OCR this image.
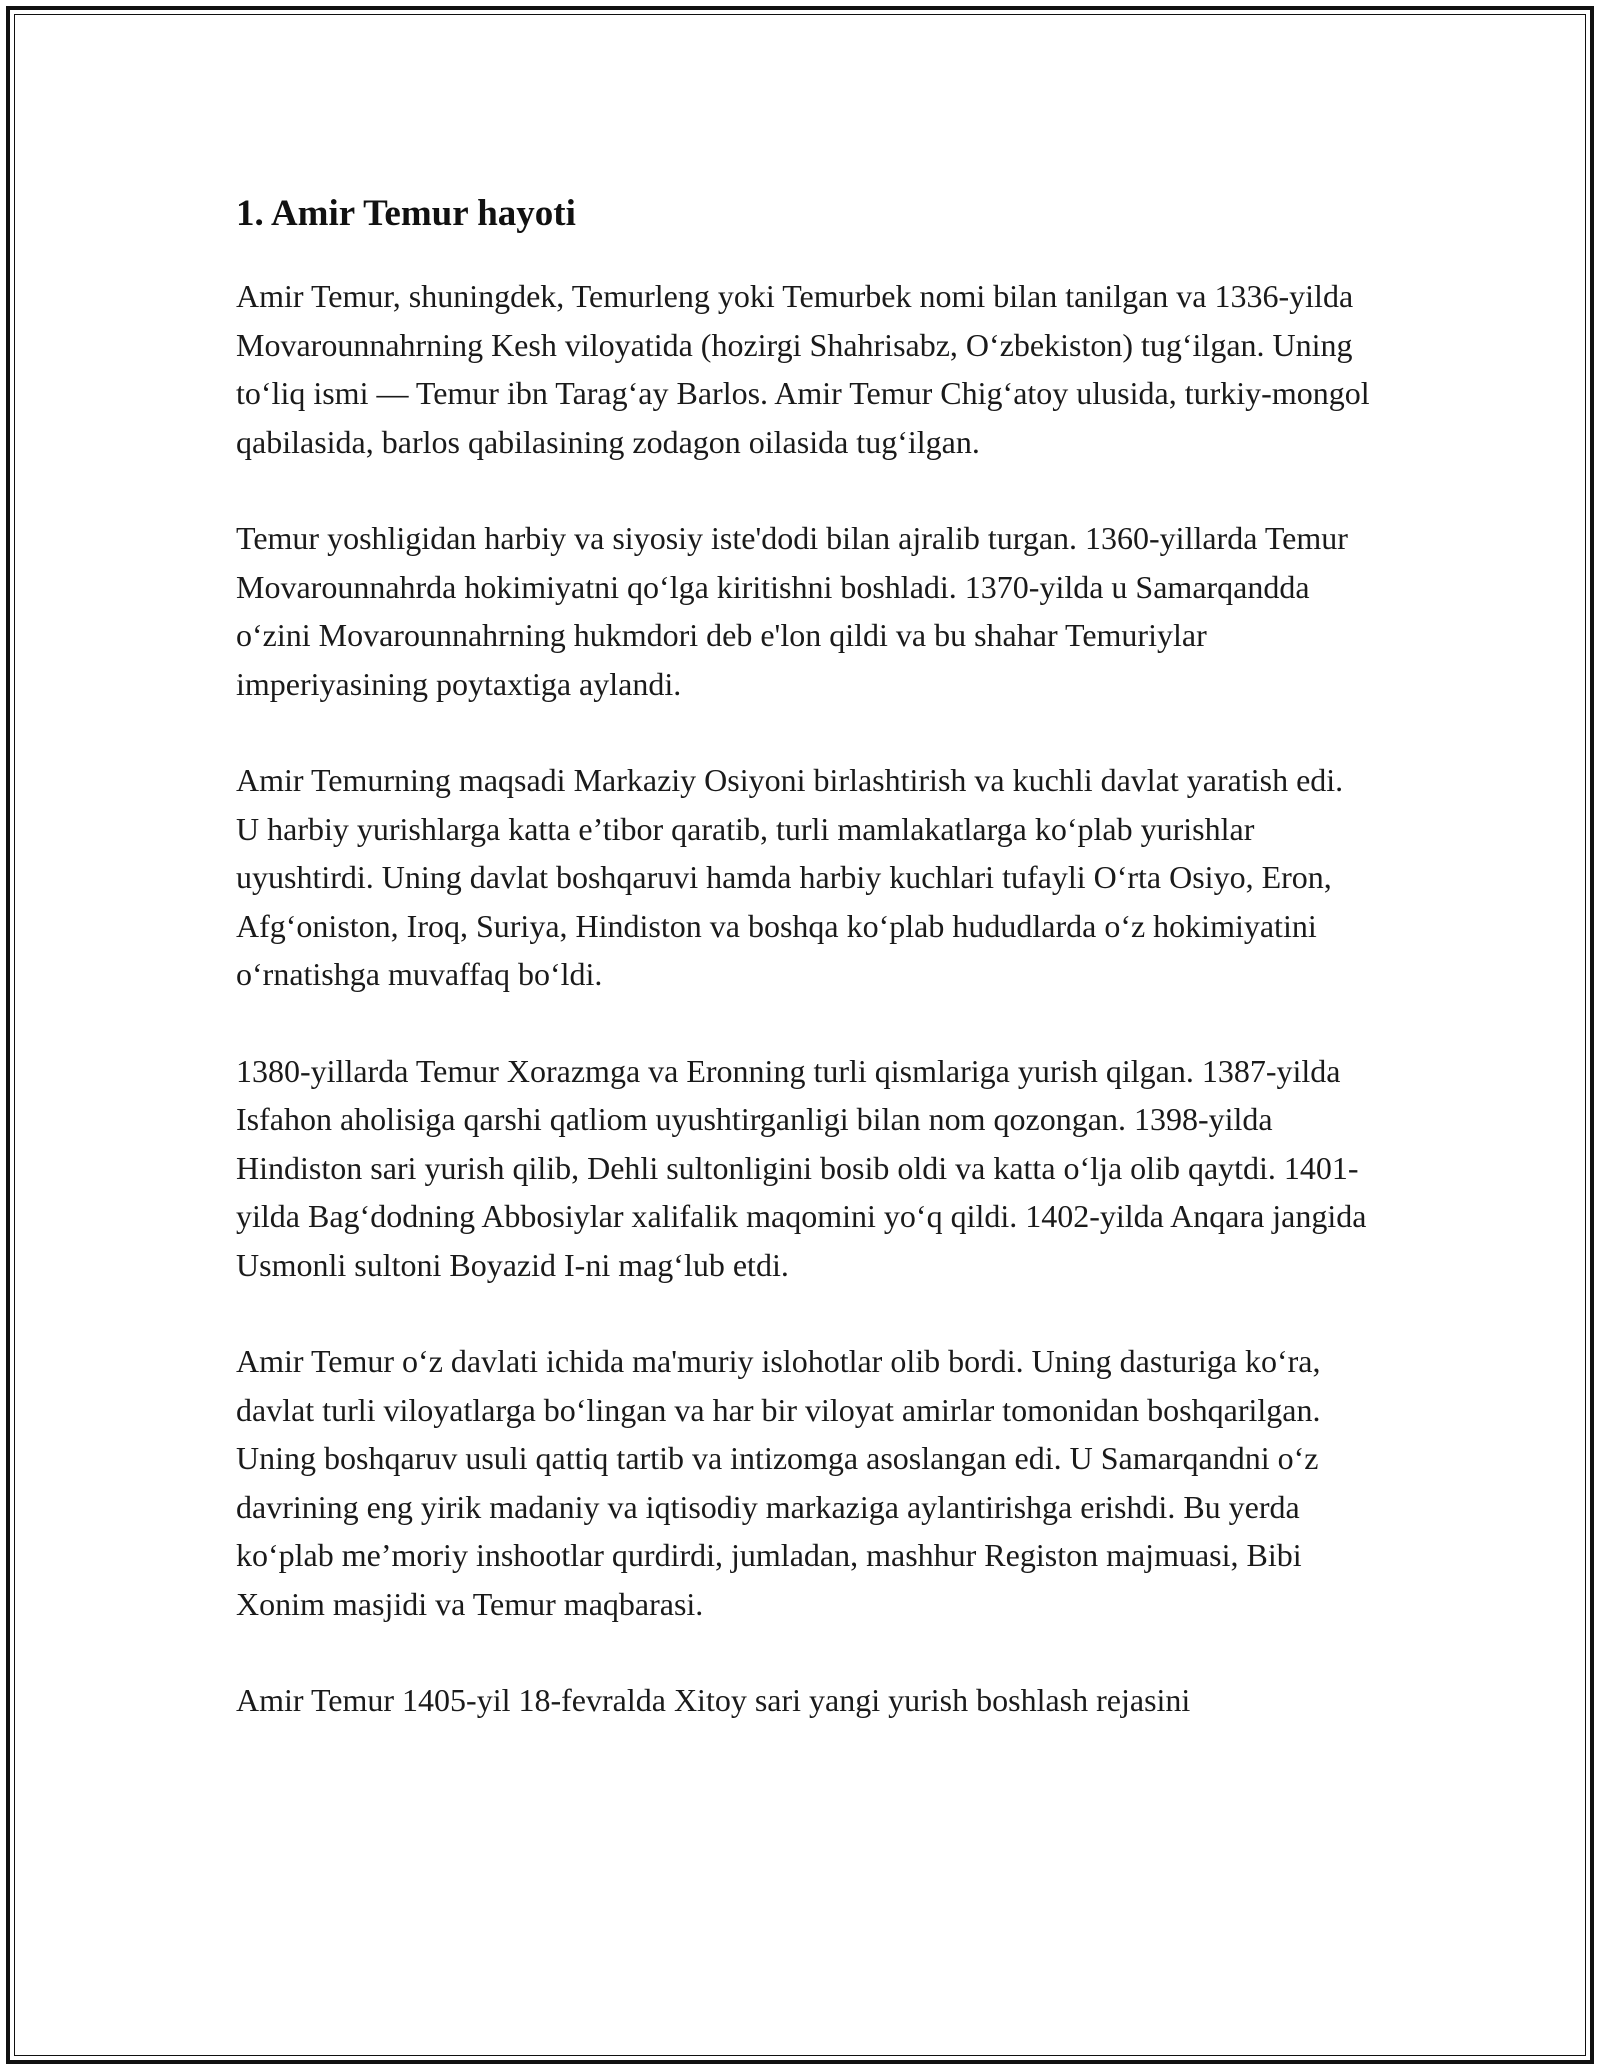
1. Amir Temur hayoti

Amir Temur, shuningdek, Temurleng yoki Temurbek nomi bilan tanilgan va 1336-yilda Movarounnahrning Kesh viloyatida (hozirgi Shahrisabz, O‘zbekiston) tug‘ilgan. Uning to‘liq ismi — Temur ibn Tarag‘ay Barlos. Amir Temur Chig‘atoy ulusida, turkiy-mongol qabilasida, barlos qabilasining zodagon oilasida tug‘ilgan.

Temur yoshligidan harbiy va siyosiy iste'dodi bilan ajralib turgan. 1360-yillarda Temur Movarounnahrda hokimiyatni qo‘lga kiritishni boshladi. 1370-yilda u Samarqandda o‘zini Movarounnahrning hukmdori deb e'lon qildi va bu shahar Temuriylar imperiyasining poytaxtiga aylandi.

Amir Temurning maqsadi Markaziy Osiyoni birlashtirish va kuchli davlat yaratish edi. U harbiy yurishlarga katta e’tibor qaratib, turli mamlakatlarga ko‘plab yurishlar uyushtirdi. Uning davlat boshqaruvi hamda harbiy kuchlari tufayli O‘rta Osiyo, Eron, Afg‘oniston, Iroq, Suriya, Hindiston va boshqa ko‘plab hududlarda o‘z hokimiyatini o‘rnatishga muvaffaq bo‘ldi.

1380-yillarda Temur Xorazmga va Eronning turli qismlariga yurish qilgan. 1387-yilda Isfahon aholisiga qarshi qatliom uyushtirganligi bilan nom qozongan. 1398-yilda Hindiston sari yurish qilib, Dehli sultonligini bosib oldi va katta o‘lja olib qaytdi. 1401-yilda Bag‘dodning Abbosiylar xalifalik maqomini yo‘q qildi. 1402-yilda Anqara jangida Usmonli sultoni Boyazid I-ni mag‘lub etdi.

Amir Temur o‘z davlati ichida ma'muriy islohotlar olib bordi. Uning dasturiga ko‘ra, davlat turli viloyatlarga bo‘lingan va har bir viloyat amirlar tomonidan boshqarilgan. Uning boshqaruv usuli qattiq tartib va intizomga asoslangan edi. U Samarqandni o‘z davrining eng yirik madaniy va iqtisodiy markaziga aylantirishga erishdi. Bu yerda ko‘plab me’moriy inshootlar qurdirdi, jumladan, mashhur Registon majmuasi, Bibi Xonim masjidi va Temur maqbarasi.

Amir Temur 1405-yil 18-fevralda Xitoy sari yangi yurish boshlash rejasini
